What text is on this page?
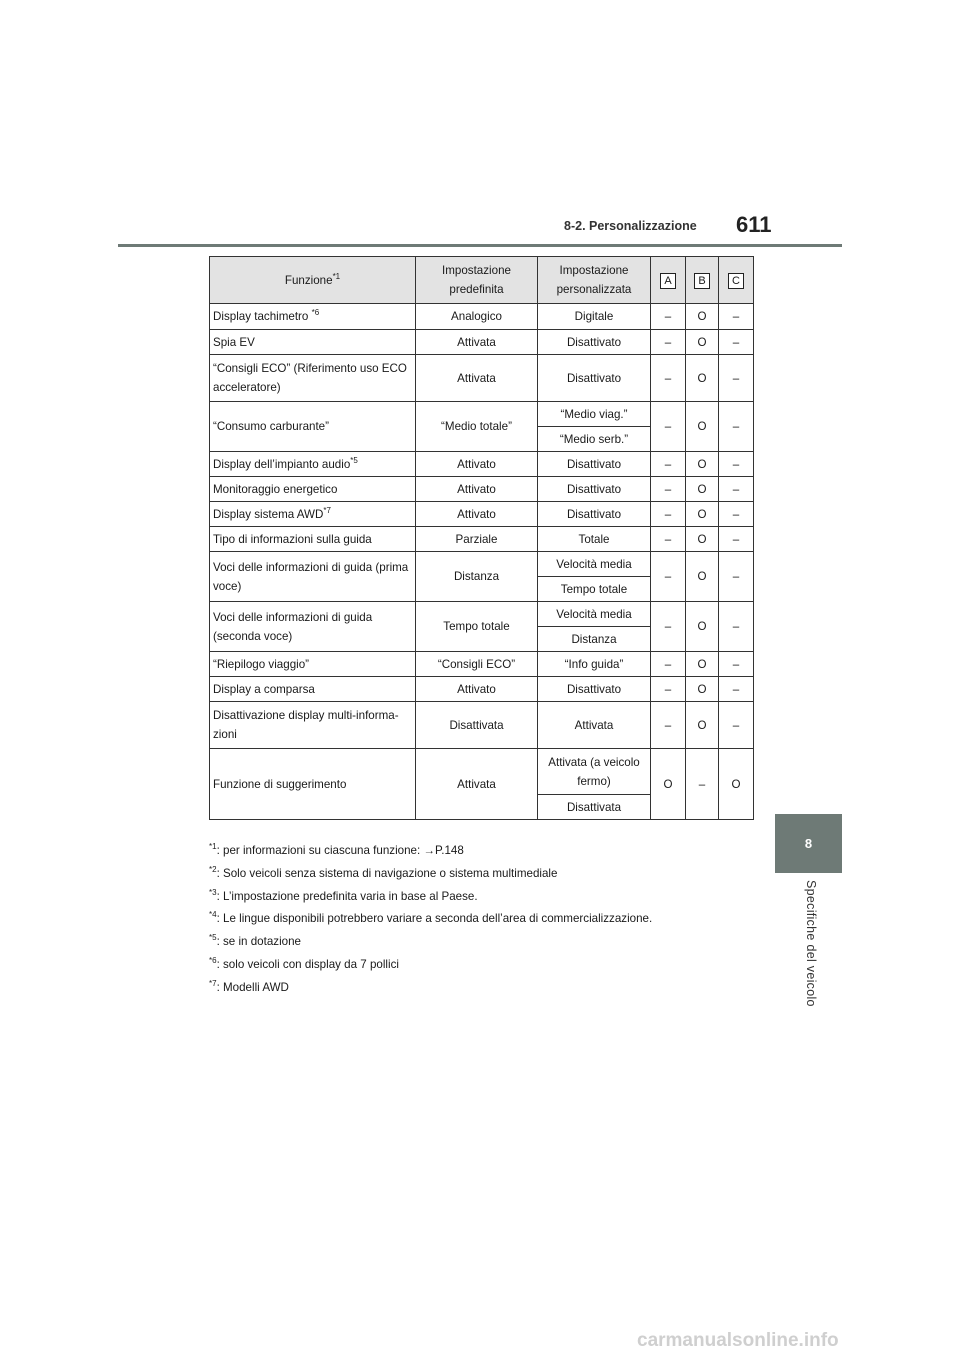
8-2. Personalizzazione 611
8
Specifiche del veicolo
Funzione$^{*1}$	Impostazione predefinita	Impostazione personalizzata	A	B	C
Display tachimetro $^{*6}$	Analogico	Digitale	–	O	–
Spia EV	Attivata	Disattivato	–	O	–
“Consigli ECO” (Riferimento uso ECO acceleratore)	Attivata	Disattivato	–	O	–
“Consumo carburante”	“Medio totale”	“Medio viag.”	–	O	–
		“Medio serb.”			
Display dell’impianto audio$^{*5}$	Attivato	Disattivato	–	O	–
Monitoraggio energetico	Attivato	Disattivato	–	O	–
Display sistema AWD$^{*7}$	Attivato	Disattivato	–	O	–
Tipo di informazioni sulla guida	Parziale	Totale	–	O	–
Voci delle informazioni di guida (prima voce)	Distanza	Velocità media	–	O	–
		Tempo totale			
Voci delle informazioni di guida (seconda voce)	Tempo totale	Velocità media	–	O	–
		Distanza			
“Riepilogo viaggio”	“Consigli ECO”	“Info guida”	–	O	–
Display a comparsa	Attivato	Disattivato	–	O	–
Disattivazione display multi-informa-zioni	Disattivata	Attivata	–	O	–
Funzione di suggerimento	Attivata	Attivata (a veicolo fermo)	O	–	O
		Disattivata			
$^{*1}$: per informazioni su ciascuna funzione: →P.148
$^{*2}$: Solo veicoli senza sistema di navigazione o sistema multimediale
$^{*3}$: L’impostazione predefinita varia in base al Paese.
$^{*4}$: Le lingue disponibili potrebbero variare a seconda dell’area di commercializzazione.
$^{*5}$: se in dotazione
$^{*6}$: solo veicoli con display da 7 pollici
$^{*7}$: Modelli AWD
carmanualsonline.info
